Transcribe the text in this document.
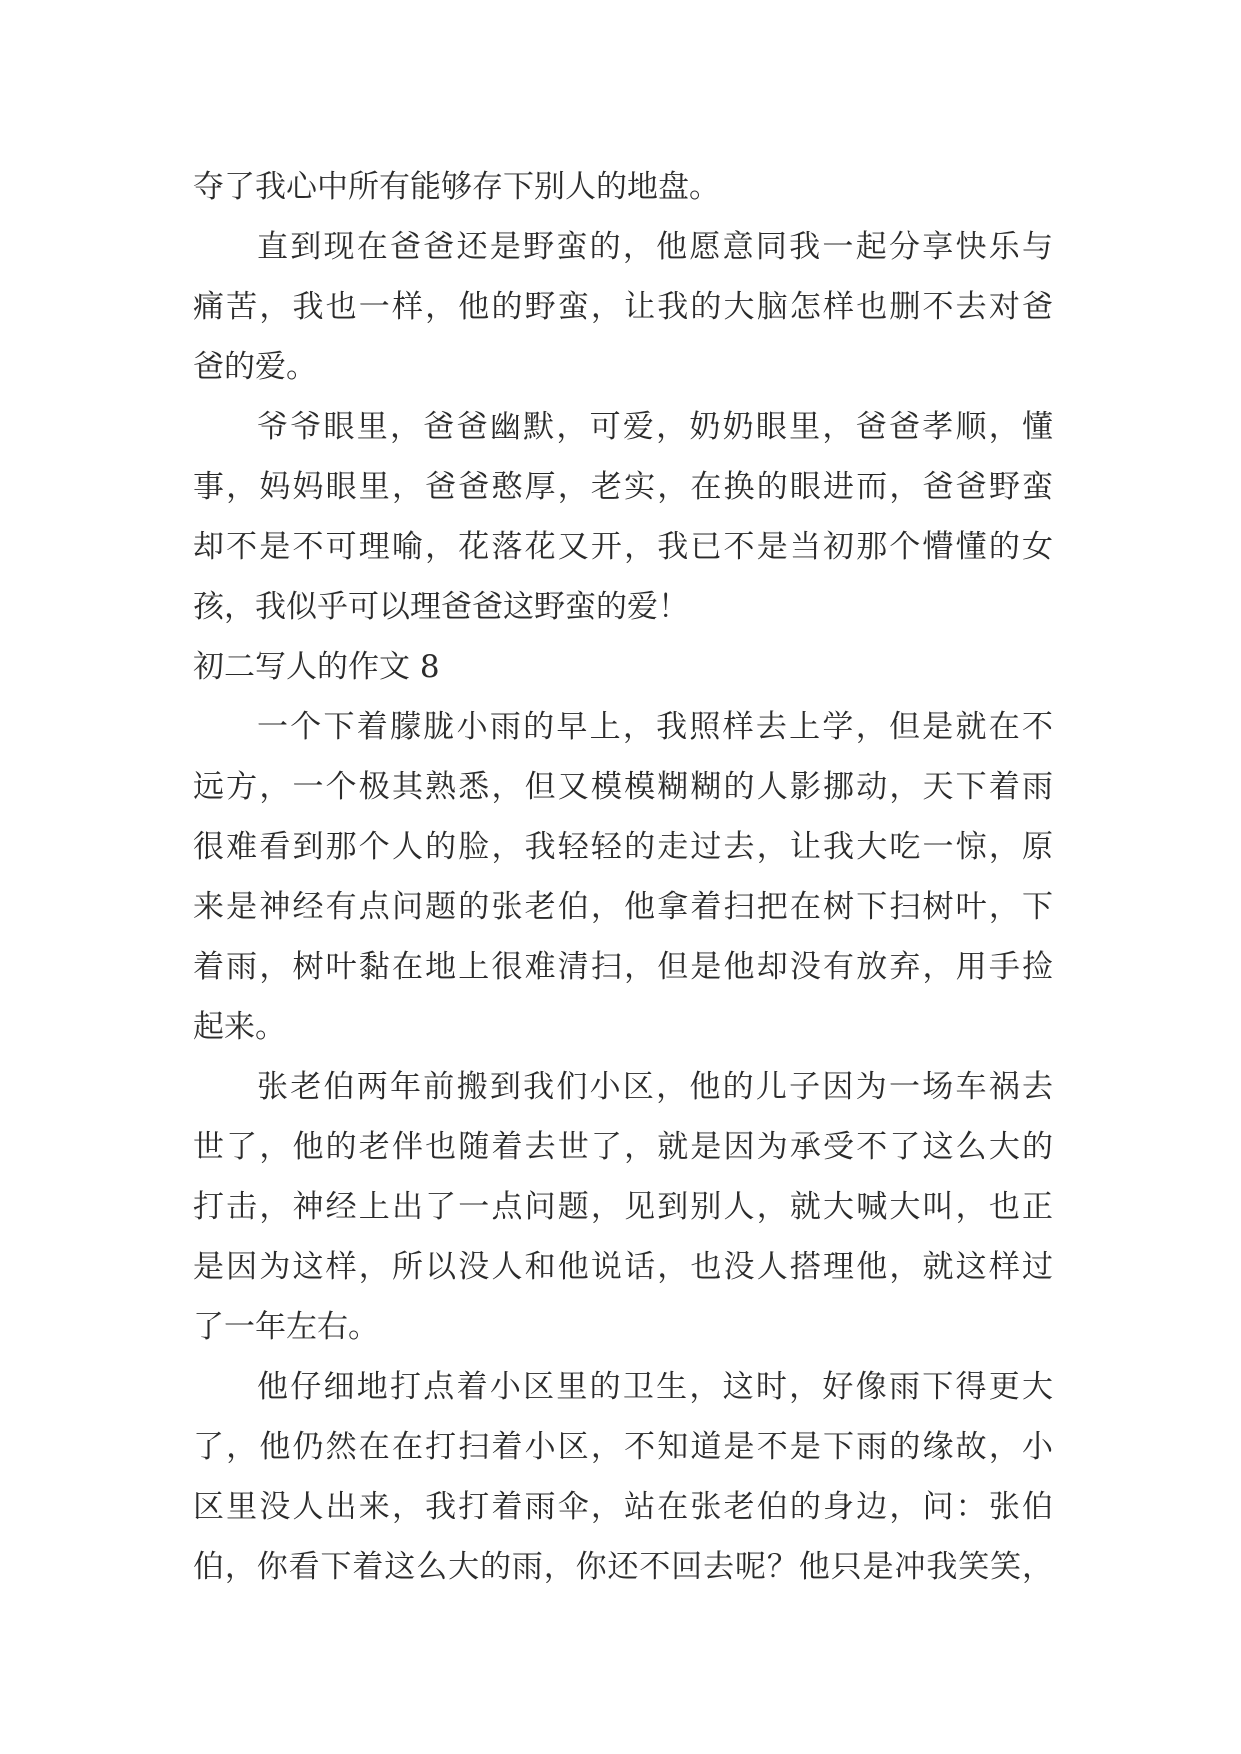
夺了我心中所有能够存下别人的地盘。
直到现在爸爸还是野蛮的，他愿意同我一起分享快乐与
痛苦，我也一样，他的野蛮，让我的大脑怎样也删不去对爸
爸的爱。
爷爷眼里，爸爸幽默，可爱，奶奶眼里，爸爸孝顺，懂
事，妈妈眼里，爸爸憨厚，老实，在换的眼进而，爸爸野蛮
却不是不可理喻，花落花又开，我已不是当初那个懵懂的女
孩，我似乎可以理爸爸这野蛮的爱！
初二写人的作文 8
一个下着朦胧小雨的早上，我照样去上学，但是就在不
远方，一个极其熟悉，但又模模糊糊的人影挪动，天下着雨
很难看到那个人的脸，我轻轻的走过去，让我大吃一惊，原
来是神经有点问题的张老伯，他拿着扫把在树下扫树叶，下
着雨，树叶黏在地上很难清扫，但是他却没有放弃，用手捡
起来。
张老伯两年前搬到我们小区，他的儿子因为一场车祸去
世了，他的老伴也随着去世了，就是因为承受不了这么大的
打击，神经上出了一点问题，见到别人，就大喊大叫，也正
是因为这样，所以没人和他说话，也没人搭理他，就这样过
了一年左右。
他仔细地打点着小区里的卫生，这时，好像雨下得更大
了，他仍然在在打扫着小区，不知道是不是下雨的缘故，小
区里没人出来，我打着雨伞，站在张老伯的身边，问：张伯
伯，你看下着这么大的雨，你还不回去呢？他只是冲我笑笑，
